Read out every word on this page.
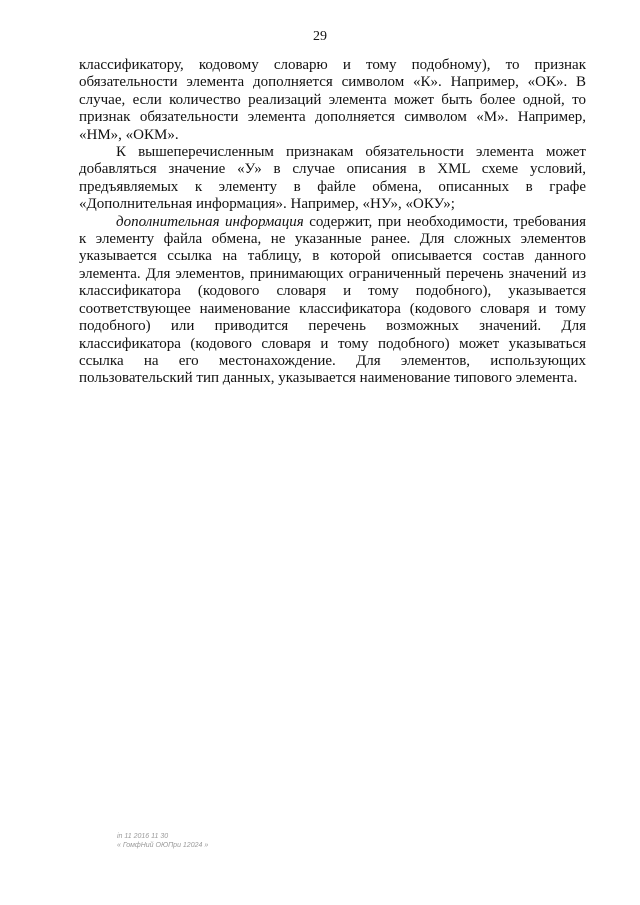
29

классификатору, кодовому словарю и тому подобному), то признак обязательности элемента дополняется символом «К». Например, «ОК». В случае, если количество реализаций элемента может быть более одной, то признак обязательности элемента дополняется символом «М». Например, «НМ», «ОКМ».

К вышеперечисленным признакам обязательности элемента может добавляться значение «У» в случае описания в XML схеме условий, предъявляемых к элементу в файле обмена, описанных в графе «Дополнительная информация». Например, «НУ», «ОКУ»;

дополнительная информация содержит, при необходимости, требования к элементу файла обмена, не указанные ранее. Для сложных элементов указывается ссылка на таблицу, в которой описывается состав данного элемента. Для элементов, принимающих ограниченный перечень значений из классификатора (кодового словаря и тому подобного), указывается соответствующее наименование классификатора (кодового словаря и тому подобного) или приводится перечень возможных значений. Для классификатора (кодового словаря и тому подобного) может указываться ссылка на его местонахождение. Для элементов, использующих пользовательский тип данных, указывается наименование типового элемента.

in 11 2016 11 30
« ГомфНий ОЮПри 12024 »
